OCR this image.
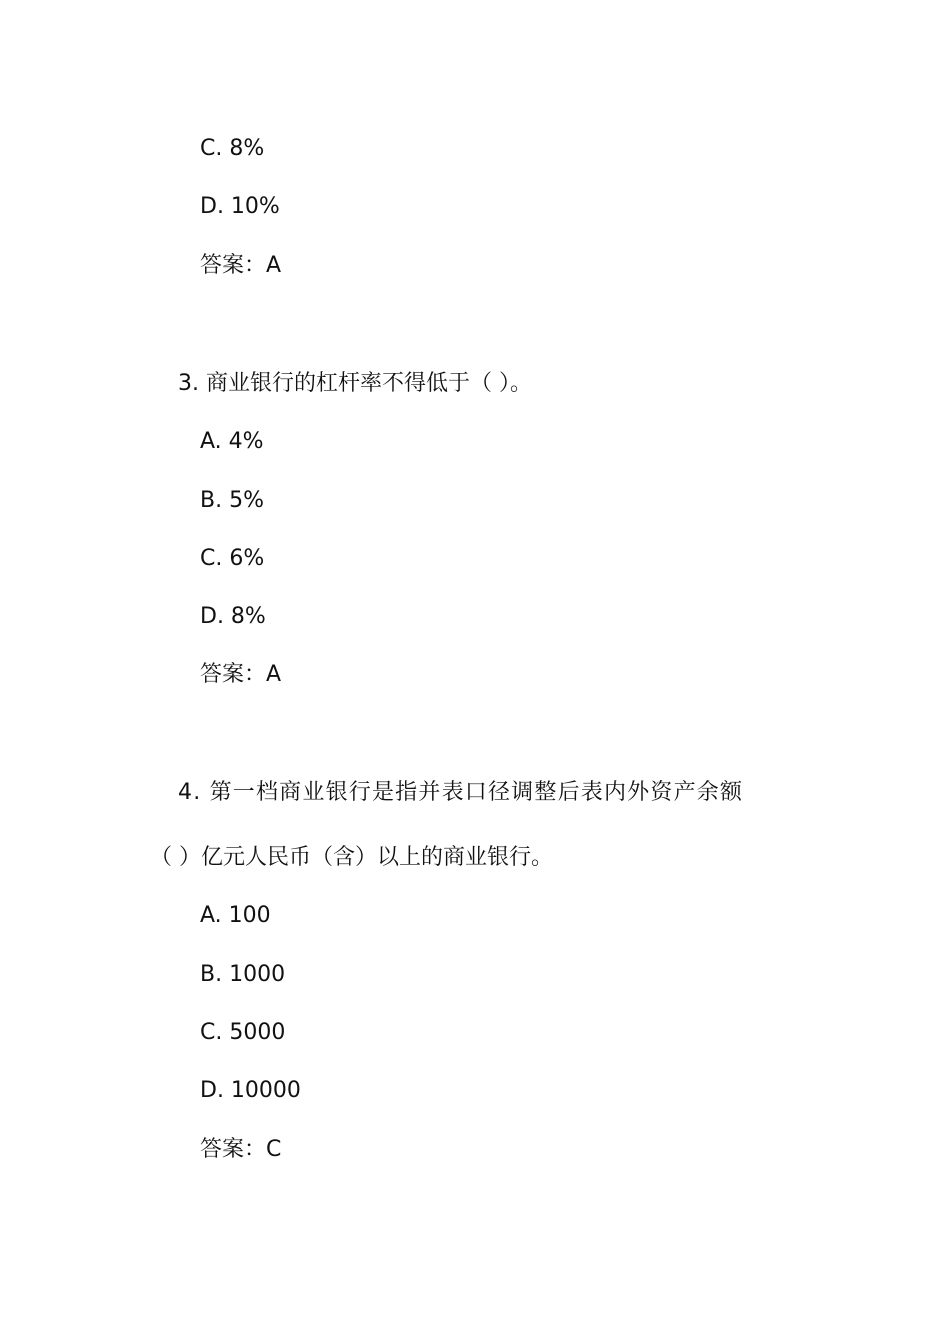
C. 8%
D. 10%
答案：A
3. 商业银行的杠杆率不得低于（ ）。
A. 4%
B. 5%
C. 6%
D. 8%
答案：A
4. 第一档商业银行是指并表口径调整后表内外资产余额
（ ）亿元人民币（含）以上的商业银行。
A. 100
B. 1000
C. 5000
D. 10000
答案：C
